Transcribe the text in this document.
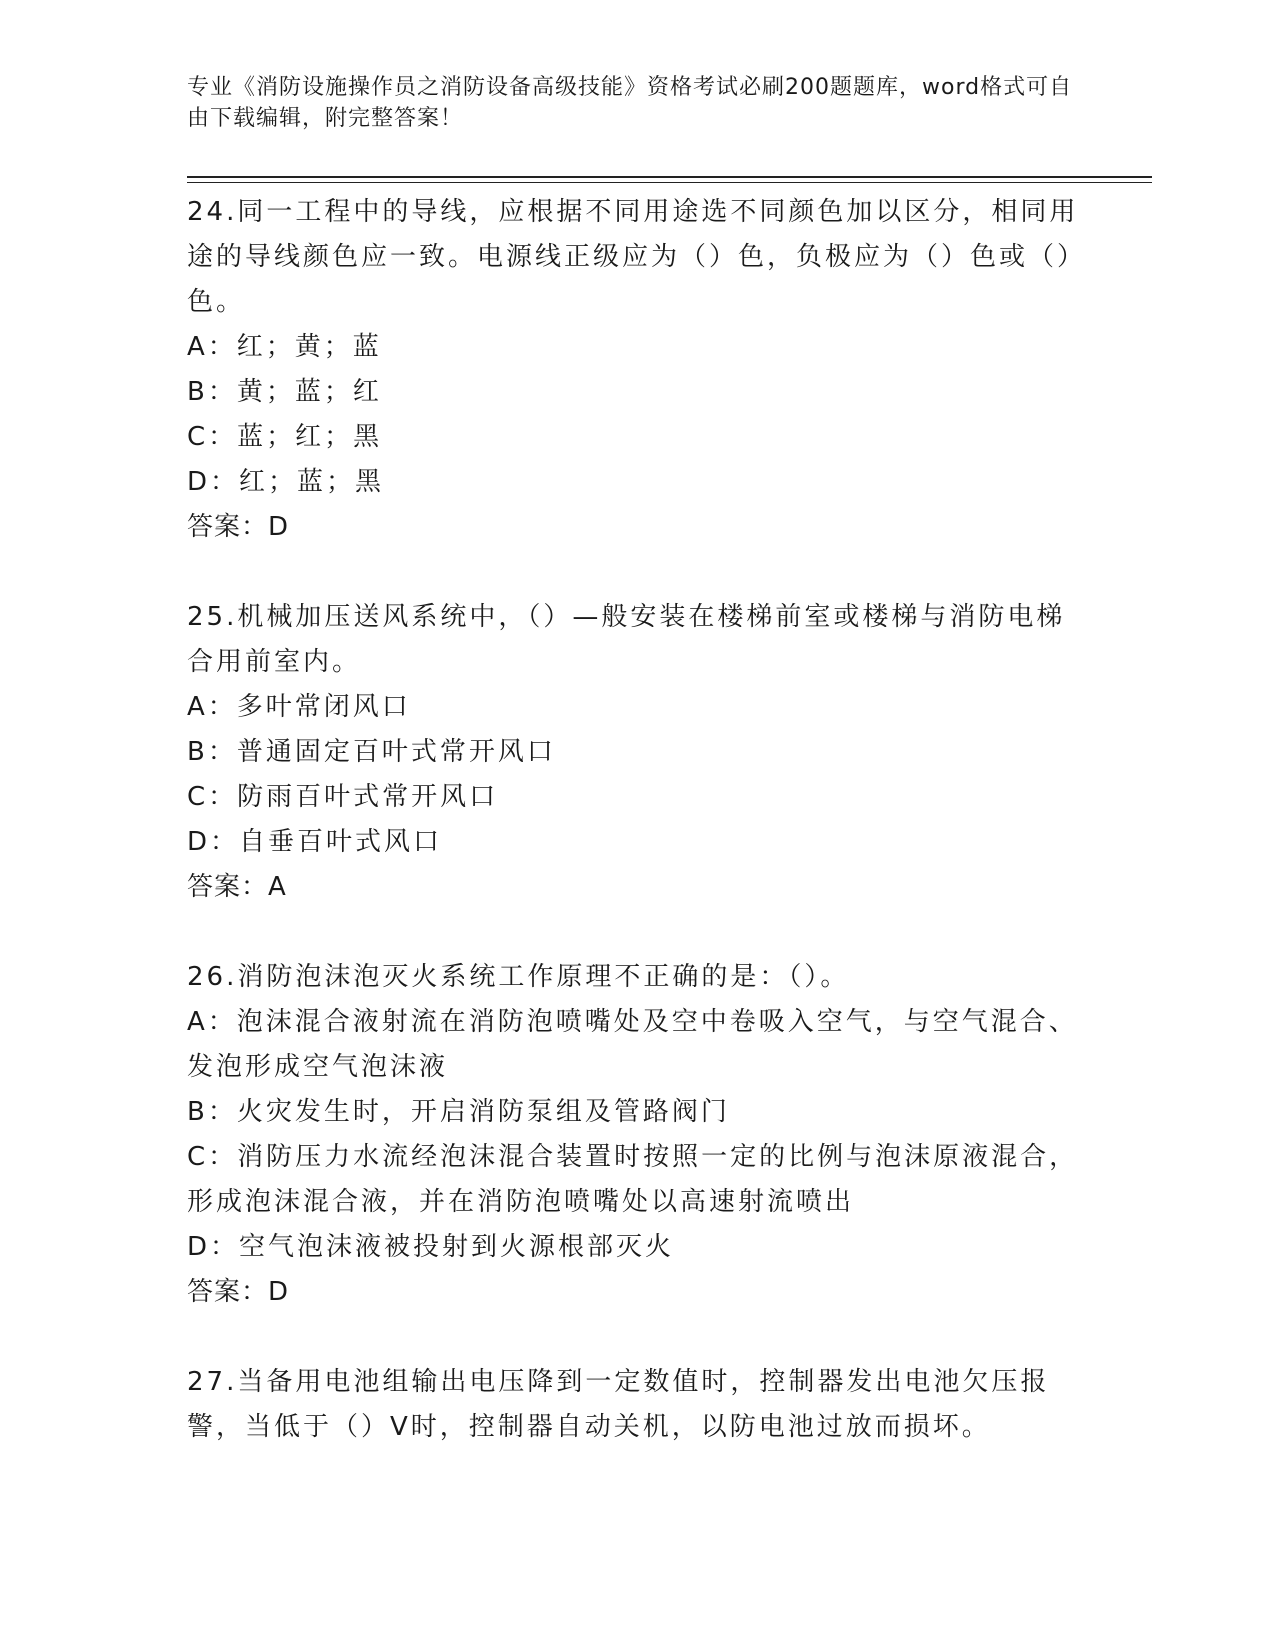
专业《消防设施操作员之消防设备高级技能》资格考试必刷200题题库，word格式可自由下载编辑，附完整答案！

24.同一工程中的导线，应根据不同用途选不同颜色加以区分，相同用途的导线颜色应一致。电源线正级应为（）色，负极应为（）色或（）色。

A：红；黄；蓝

B：黄；蓝；红

C：蓝；红；黑

D：红；蓝；黑

答案：D

25.机械加压送风系统中，（）—般安装在楼梯前室或楼梯与消防电梯合用前室内。

A：多叶常闭风口

B：普通固定百叶式常开风口

C：防雨百叶式常开风口

D：自垂百叶式风口

答案：A

26.消防泡沫泡灭火系统工作原理不正确的是：（）。

A：泡沫混合液射流在消防泡喷嘴处及空中卷吸入空气，与空气混合、发泡形成空气泡沫液

B：火灾发生时，开启消防泵组及管路阀门

C：消防压力水流经泡沫混合装置时按照一定的比例与泡沫原液混合，形成泡沫混合液，并在消防泡喷嘴处以高速射流喷出

D：空气泡沫液被投射到火源根部灭火

答案：D

27.当备用电池组输出电压降到一定数值时，控制器发出电池欠压报警，当低于（）V时，控制器自动关机，以防电池过放而损坏。
